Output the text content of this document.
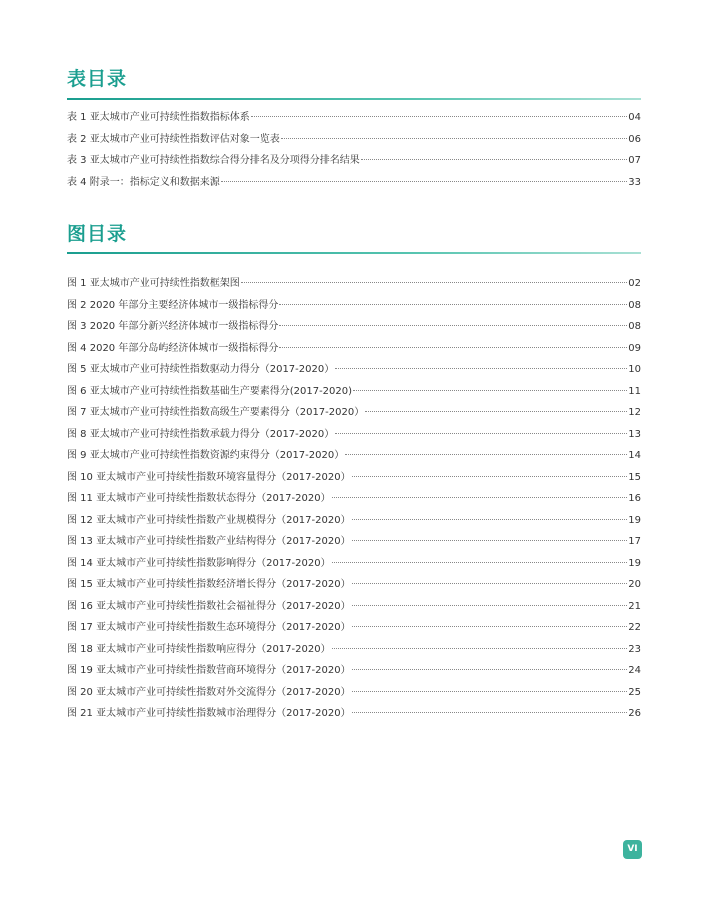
表目录
表 1 亚太城市产业可持续性指数指标体系	04
表 2 亚太城市产业可持续性指数评估对象一览表	06
表 3 亚太城市产业可持续性指数综合得分排名及分项得分排名结果	07
表 4 附录一：指标定义和数据来源	33
图目录
图 1 亚太城市产业可持续性指数框架图	02
图 2 2020 年部分主要经济体城市一级指标得分	08
图 3 2020 年部分新兴经济体城市一级指标得分	08
图 4 2020 年部分岛屿经济体城市一级指标得分	09
图 5 亚太城市产业可持续性指数驱动力得分（2017-2020）	10
图 6 亚太城市产业可持续性指数基础生产要素得分(2017-2020)	11
图 7 亚太城市产业可持续性指数高级生产要素得分（2017-2020）	12
图 8 亚太城市产业可持续性指数承载力得分（2017-2020）	13
图 9 亚太城市产业可持续性指数资源约束得分（2017-2020）	14
图 10 亚太城市产业可持续性指数环境容量得分（2017-2020）	15
图 11 亚太城市产业可持续性指数状态得分（2017-2020）	16
图 12 亚太城市产业可持续性指数产业规模得分（2017-2020）	19
图 13 亚太城市产业可持续性指数产业结构得分（2017-2020）	17
图 14 亚太城市产业可持续性指数影响得分（2017-2020）	19
图 15 亚太城市产业可持续性指数经济增长得分（2017-2020）	20
图 16 亚太城市产业可持续性指数社会福祉得分（2017-2020）	21
图 17 亚太城市产业可持续性指数生态环境得分（2017-2020）	22
图 18 亚太城市产业可持续性指数响应得分（2017-2020）	23
图 19 亚太城市产业可持续性指数营商环境得分（2017-2020）	24
图 20 亚太城市产业可持续性指数对外交流得分（2017-2020）	25
图 21 亚太城市产业可持续性指数城市治理得分（2017-2020）	26
VI
